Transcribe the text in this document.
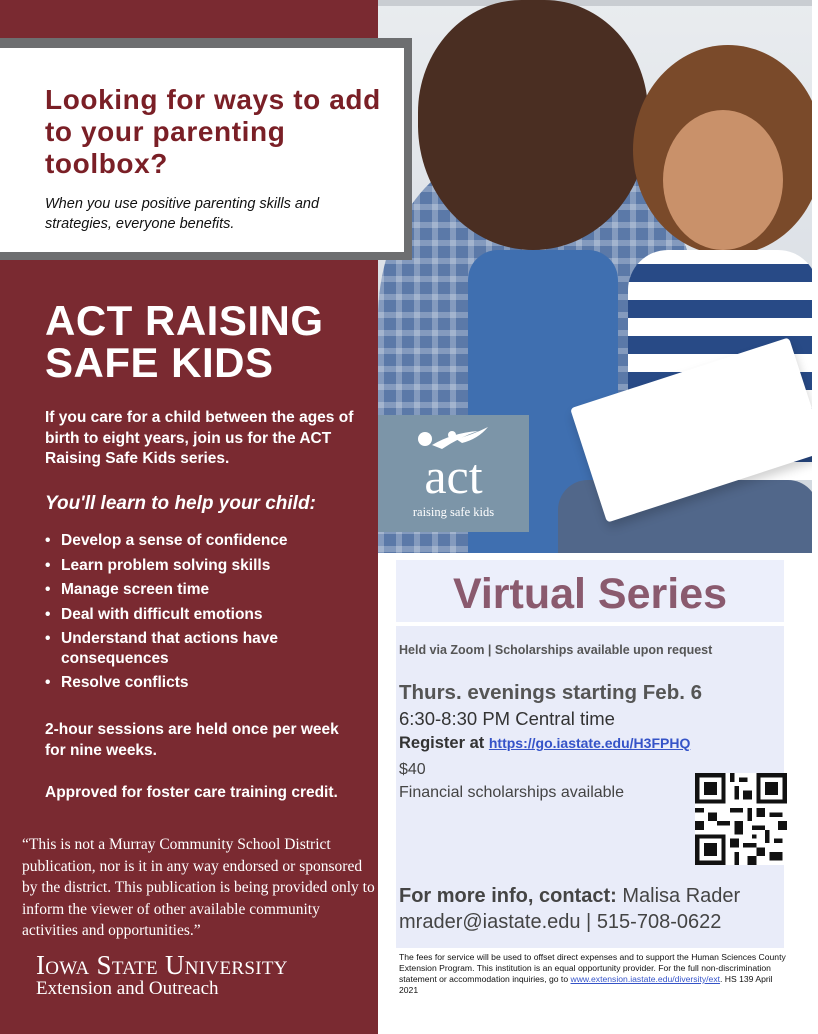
Looking for ways to add to your parenting toolbox?

When you use positive parenting skills and strategies, everyone benefits.

ACT RAISING SAFE KIDS

If you care for a child between the ages of birth to eight years, join us for the ACT Raising Safe Kids series.

You'll learn to help your child:

• Develop a sense of confidence
• Learn problem solving skills
• Manage screen time
• Deal with difficult emotions
• Understand that actions have consequences
• Resolve conflicts

2-hour sessions are held once per week for nine weeks.

Approved for foster care training credit.

“This is not a Murray Community School District publication, nor is it in any way endorsed or sponsored by the district. This publication is being provided only to inform the viewer of other available community activities and opportunities.”

Iowa State University
Extension and Outreach
act
raising safe kids
Virtual Series
Held via Zoom | Scholarships available upon request

Thurs. evenings starting Feb. 6

6:30-8:30 PM Central time
Register at https://go.iastate.edu/H3FPHQ
$40
Financial scholarships available
For more info, contact: Malisa Rader
mrader@iastate.edu | 515-708-0622

The fees for service will be used to offset direct expenses and to support the Human Sciences County Extension Program. This institution is an equal opportunity provider. For the full non-discrimination statement or accommodation inquiries, go to www.extension.iastate.edu/diversity/ext. HS 139 April 2021
